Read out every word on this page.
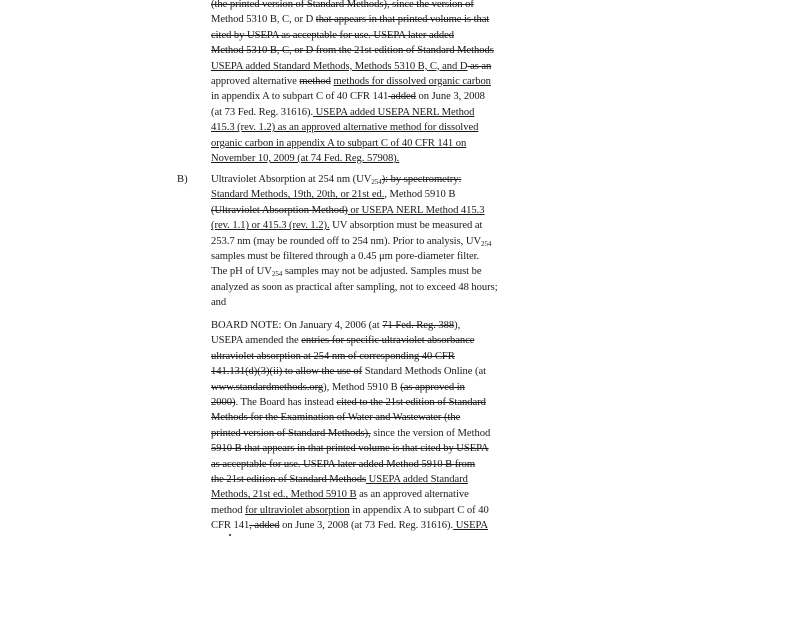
(the printed version of Standard Methods), since the version of
Method 5310 B, C, or D that appears in that printed volume is that
cited by USEPA as acceptable for use. USEPA later added
Method 5310 B, C, or D from the 21st edition of Standard Methods
USEPA added Standard Methods, Methods 5310 B, C, and D as an
approved alternative method methods for dissolved organic carbon
in appendix A to subpart C of 40 CFR 141 added on June 3, 2008
(at 73 Fed. Reg. 31616). USEPA added USEPA NERL Method
415.3 (rev. 1.2) as an approved alternative method for dissolved
organic carbon in appendix A to subpart C of 40 CFR 141 on
November 10, 2009 (at 74 Fed. Reg. 57908).
B) Ultraviolet Absorption at 254 nm $(UV_{254})$: by spectrometry:
Standard Methods, 19th, 20th, or 21st ed., Method 5910 B
(Ultraviolet Absorption Method) or USEPA NERL Method 415.3
(rev. 1.1) or 415.3 (rev. 1.2). UV absorption must be measured at
253.7 nm (may be rounded off to 254 nm). Prior to analysis, $UV_{254}$
samples must be filtered through a 0.45 μm pore-diameter filter.
The pH of $UV_{254}$ samples may not be adjusted. Samples must be
analyzed as soon as practical after sampling, not to exceed 48 hours;
and
BOARD NOTE: On January 4, 2006 (at 71 Fed. Reg. 388),
USEPA amended the entries for specific ultraviolet absorbance
ultraviolet absorption at 254 nm of corresponding 40 CFR
141.131(d)(3)(ii) to allow the use of Standard Methods Online (at
www.standardmethods.org), Method 5910 B (as approved in
2000). The Board has instead cited to the 21st edition of Standard
Methods for the Examination of Water and Wastewater (the
printed version of Standard Methods), since the version of Method
5910 B that appears in that printed volume is that cited by USEPA
as acceptable for use. USEPA later added Method 5910 B from
the 21st edition of Standard Methods USEPA added Standard
Methods, 21st ed., Method 5910 B as an approved alternative
method for ultraviolet absorption in appendix A to subpart C of 40
CFR 141, added on June 3, 2008 (at 73 Fed. Reg. 31616). USEPA
